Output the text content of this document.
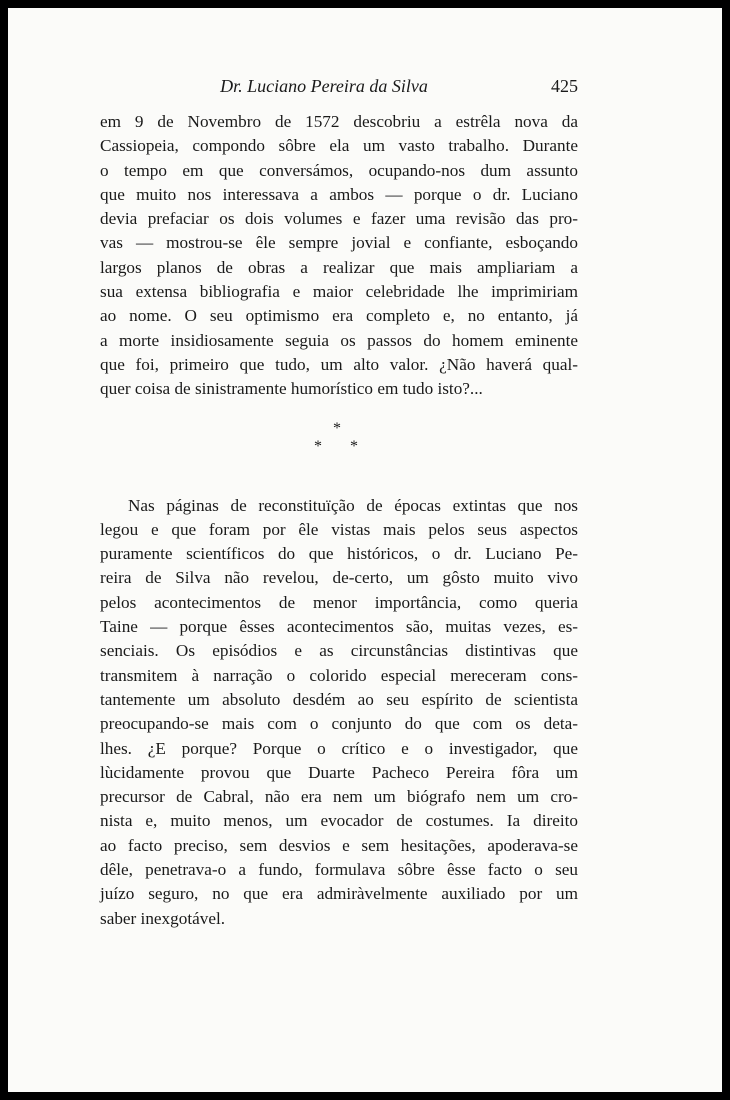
Dr. Luciano Pereira da Silva	425

em 9 de Novembro de 1572 descobriu a estrêla nova da
Cassiopeia, compondo sôbre ela um vasto trabalho. Durante
o tempo em que conversámos, ocupando-nos dum assunto
que muito nos interessava a ambos — porque o dr. Luciano
devia prefaciar os dois volumes e fazer uma revisão das pro-
vas — mostrou-se êle sempre jovial e confiante, esboçando
largos planos de obras a realizar que mais ampliariam a
sua extensa bibliografia e maior celebridade lhe imprimiriam
ao nome. O seu optimismo era completo e, no entanto, já
a morte insidiosamente seguia os passos do homem eminente
que foi, primeiro que tudo, um alto valor. ¿Não haverá qual-
quer coisa de sinistramente humorístico em tudo isto?...

*
* *

Nas páginas de reconstituïção de épocas extintas que nos
legou e que foram por êle vistas mais pelos seus aspectos
puramente scientíficos do que históricos, o dr. Luciano Pe-
reira de Silva não revelou, de-certo, um gôsto muito vivo
pelos acontecimentos de menor importância, como queria
Taine — porque êsses acontecimentos são, muitas vezes, es-
senciais. Os episódios e as circunstâncias distintivas que
transmitem à narração o colorido especial mereceram cons-
tantemente um absoluto desdém ao seu espírito de scientista
preocupando-se mais com o conjunto do que com os deta-
lhes. ¿E porque? Porque o crítico e o investigador, que
lùcidamente provou que Duarte Pacheco Pereira fôra um
precursor de Cabral, não era nem um biógrafo nem um cro-
nista e, muito menos, um evocador de costumes. Ia direito
ao facto preciso, sem desvios e sem hesitações, apoderava-se
dêle, penetrava-o a fundo, formulava sôbre êsse facto o seu
juízo seguro, no que era admiràvelmente auxiliado por um
saber inexgotável.
